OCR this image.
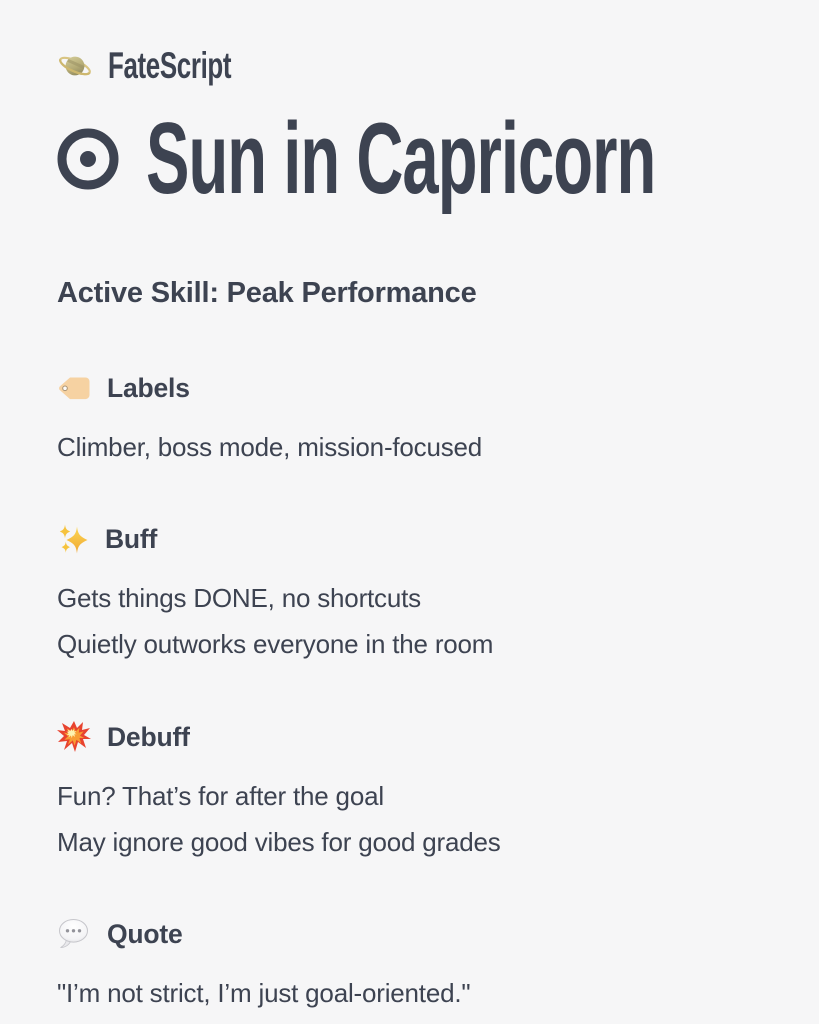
FateScript
Sun in Capricorn
Active Skill: Peak Performance
Labels
Climber, boss mode, mission-focused
Buff
Gets things DONE, no shortcuts
Quietly outworks everyone in the room
Debuff
Fun? That’s for after the goal
May ignore good vibes for good grades
Quote
"I’m not strict, I’m just goal-oriented."
